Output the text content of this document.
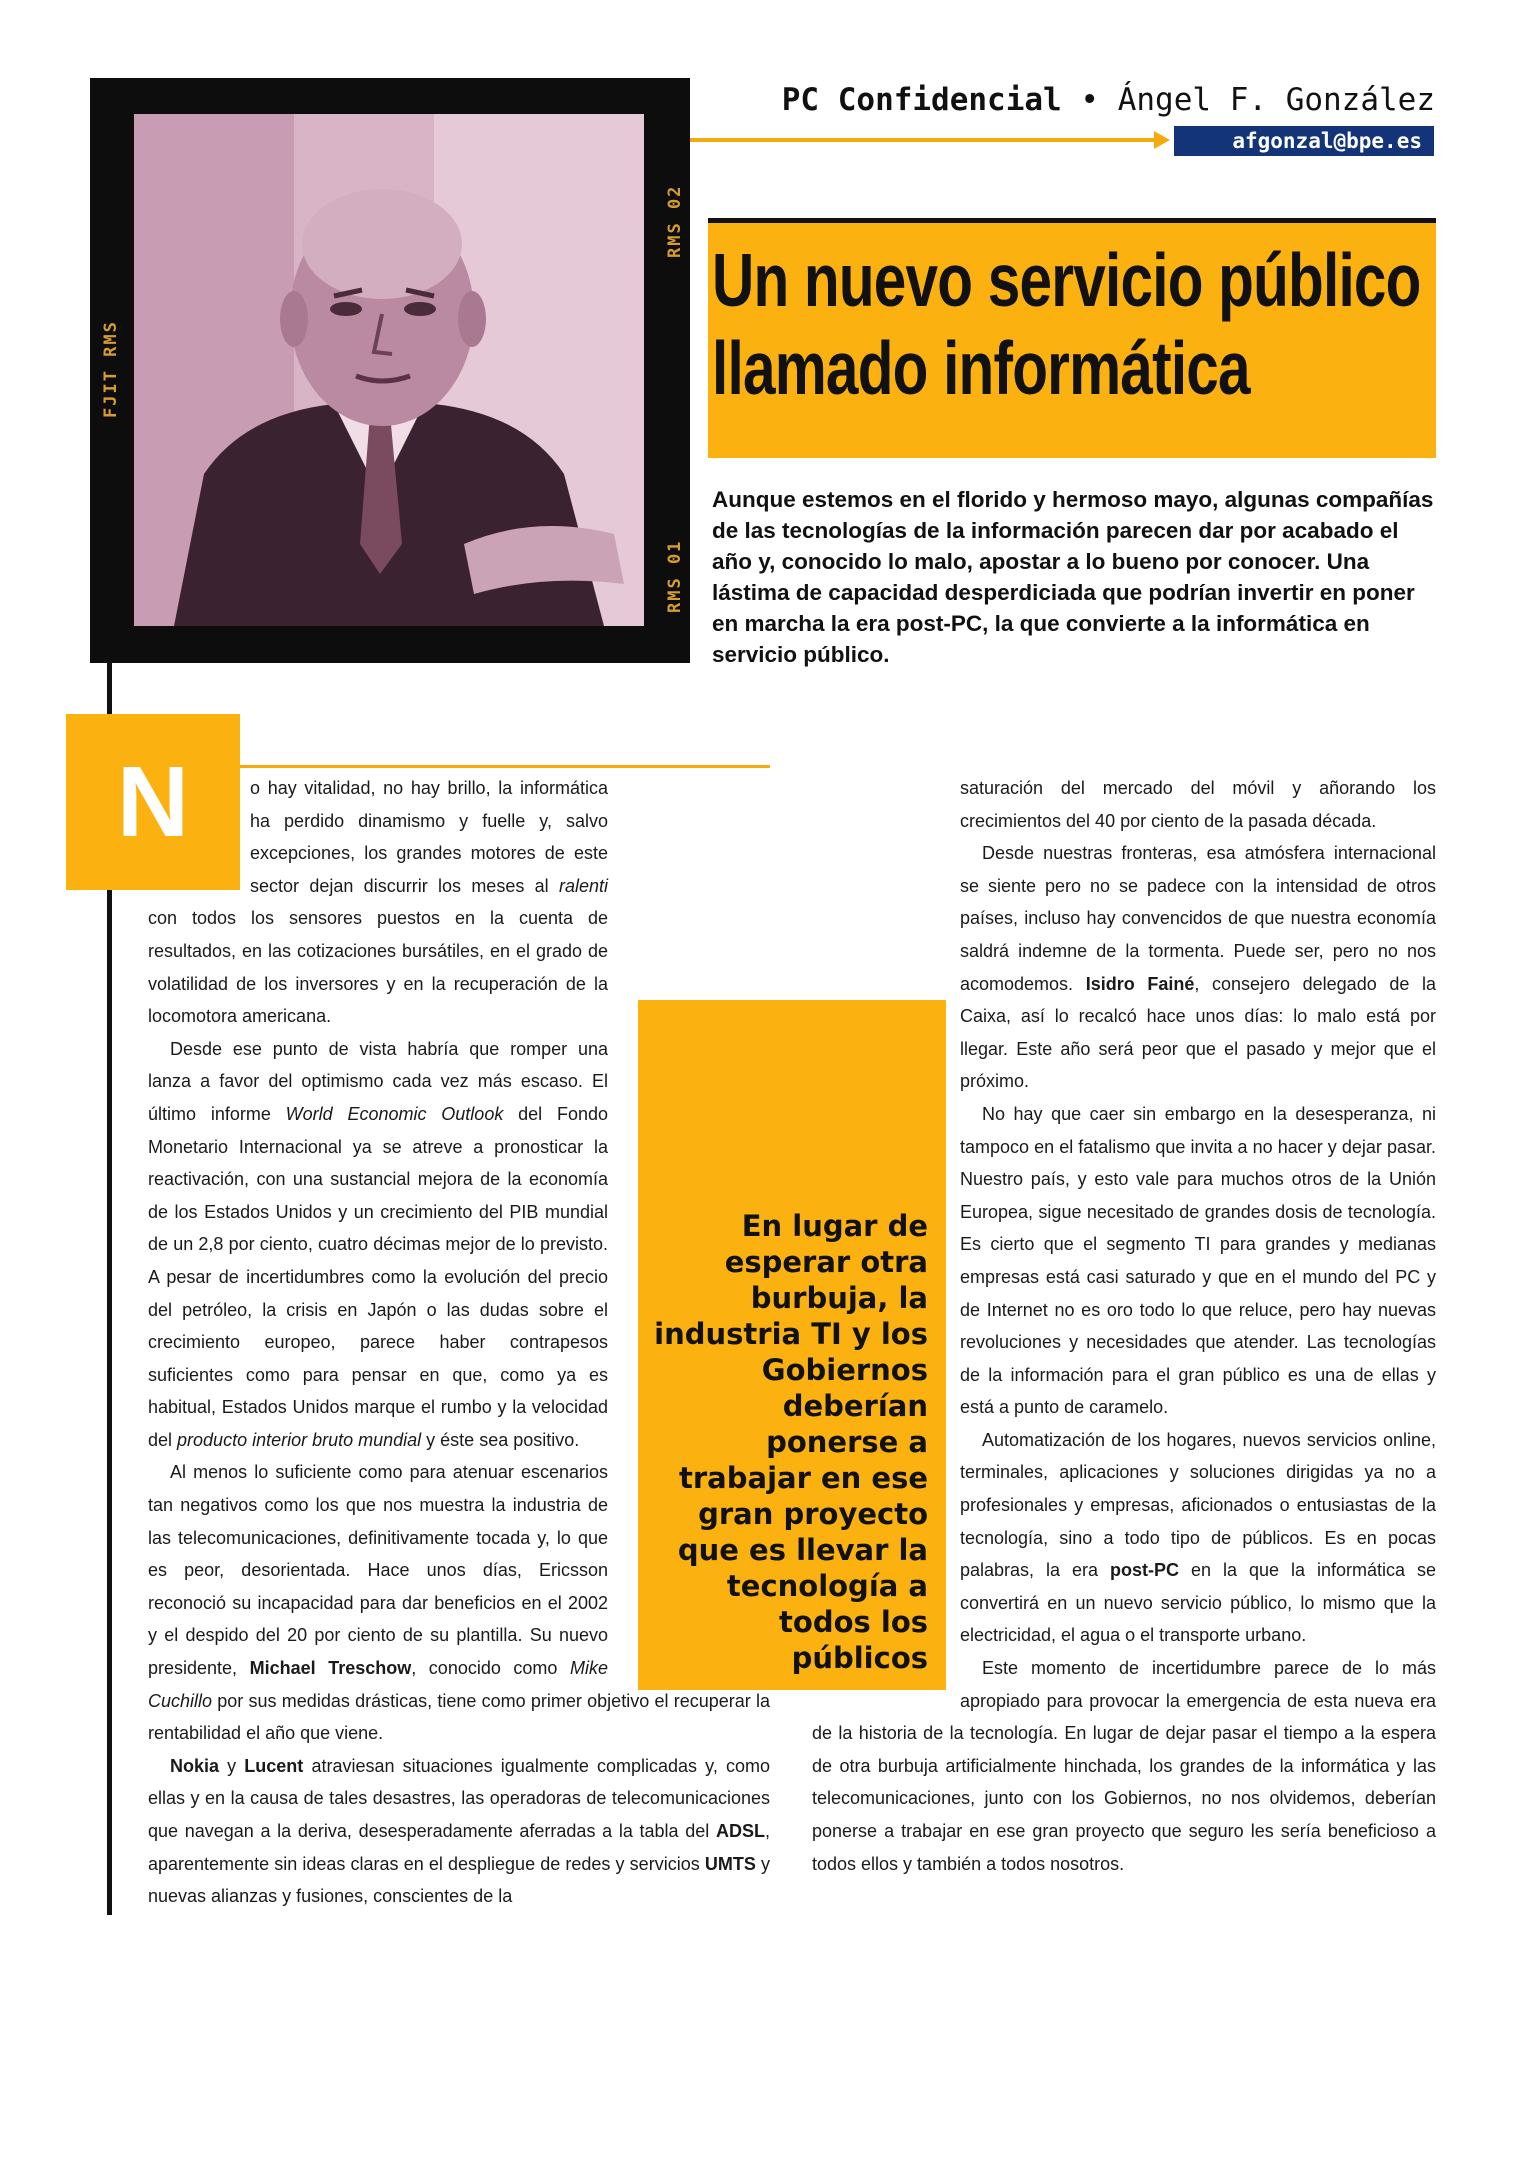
FJIT RMS
RMS 02
RMS 01
PC Confidencial • Ángel F. González
afgonzal@bpe.es
Un nuevo servicio público
llamado informática

Aunque estemos en el florido y hermoso mayo, algunas compañías de las tecnologías de la información parecen dar por acabado el año y, conocido lo malo, apostar a lo bueno por conocer. Una lástima de capacidad desperdiciada que podrían invertir en poner en marcha la era post-PC, la que convierte a la informática en servicio público.

N

En lugar de esperar otra burbuja, la industria TI y los Gobiernos deberían ponerse a trabajar en ese gran proyecto que es llevar la tecnología a todos los públicos

o hay vitalidad, no hay brillo, la informática ha perdido dinamismo y fuelle y, salvo excepciones, los grandes motores de este sector dejan discurrir los meses al ralenti con todos los sensores puestos en la cuenta de resultados, en las cotizaciones bursátiles, en el grado de volatilidad de los inversores y en la recuperación de la locomotora americana.

Desde ese punto de vista habría que romper una lanza a favor del optimismo cada vez más escaso. El último informe World Economic Outlook del Fondo Monetario Internacional ya se atreve a pronosticar la reactivación, con una sustancial mejora de la economía de los Estados Unidos y un crecimiento del PIB mundial de un 2,8 por ciento, cuatro décimas mejor de lo previsto. A pesar de incertidumbres como la evolución del precio del petróleo, la crisis en Japón o las dudas sobre el crecimiento europeo, parece haber contrapesos suficientes como para pensar en que, como ya es habitual, Estados Unidos marque el rumbo y la velocidad del producto interior bruto mundial y éste sea positivo.

Al menos lo suficiente como para atenuar escenarios tan negativos como los que nos muestra la industria de las telecomunicaciones, definitivamente tocada y, lo que es peor, desorientada. Hace unos días, Ericsson reconoció su incapacidad para dar beneficios en el 2002 y el despido del 20 por ciento de su plantilla. Su nuevo presidente, Michael Treschow, conocido como Mike Cuchillo por sus medidas drásticas, tiene como primer objetivo el recuperar la rentabilidad el año que viene.

Nokia y Lucent atraviesan situaciones igualmente complicadas y, como ellas y en la causa de tales desastres, las operadoras de telecomunicaciones que navegan a la deriva, desesperadamente aferradas a la tabla del ADSL, aparentemente sin ideas claras en el despliegue de redes y servicios UMTS y nuevas alianzas y fusiones, conscientes de la

saturación del mercado del móvil y añorando los crecimientos del 40 por ciento de la pasada década.

Desde nuestras fronteras, esa atmósfera internacional se siente pero no se padece con la intensidad de otros países, incluso hay convencidos de que nuestra economía saldrá indemne de la tormenta. Puede ser, pero no nos acomodemos. Isidro Fainé, consejero delegado de la Caixa, así lo recalcó hace unos días: lo malo está por llegar. Este año será peor que el pasado y mejor que el próximo.

No hay que caer sin embargo en la desesperanza, ni tampoco en el fatalismo que invita a no hacer y dejar pasar. Nuestro país, y esto vale para muchos otros de la Unión Europea, sigue necesitado de grandes dosis de tecnología. Es cierto que el segmento TI para grandes y medianas empresas está casi saturado y que en el mundo del PC y de Internet no es oro todo lo que reluce, pero hay nuevas revoluciones y necesidades que atender. Las tecnologías de la información para el gran público es una de ellas y está a punto de caramelo.

Automatización de los hogares, nuevos servicios online, terminales, aplicaciones y soluciones dirigidas ya no a profesionales y empresas, aficionados o entusiastas de la tecnología, sino a todo tipo de públicos. Es en pocas palabras, la era post-PC en la que la informática se convertirá en un nuevo servicio público, lo mismo que la electricidad, el agua o el transporte urbano.

Este momento de incertidumbre parece de lo más apropiado para provocar la emergencia de esta nueva era de la historia de la tecnología. En lugar de dejar pasar el tiempo a la espera de otra burbuja artificialmente hinchada, los grandes de la informática y las telecomunicaciones, junto con los Gobiernos, no nos olvidemos, deberían ponerse a trabajar en ese gran proyecto que seguro les sería beneficioso a todos ellos y también a todos nosotros.
